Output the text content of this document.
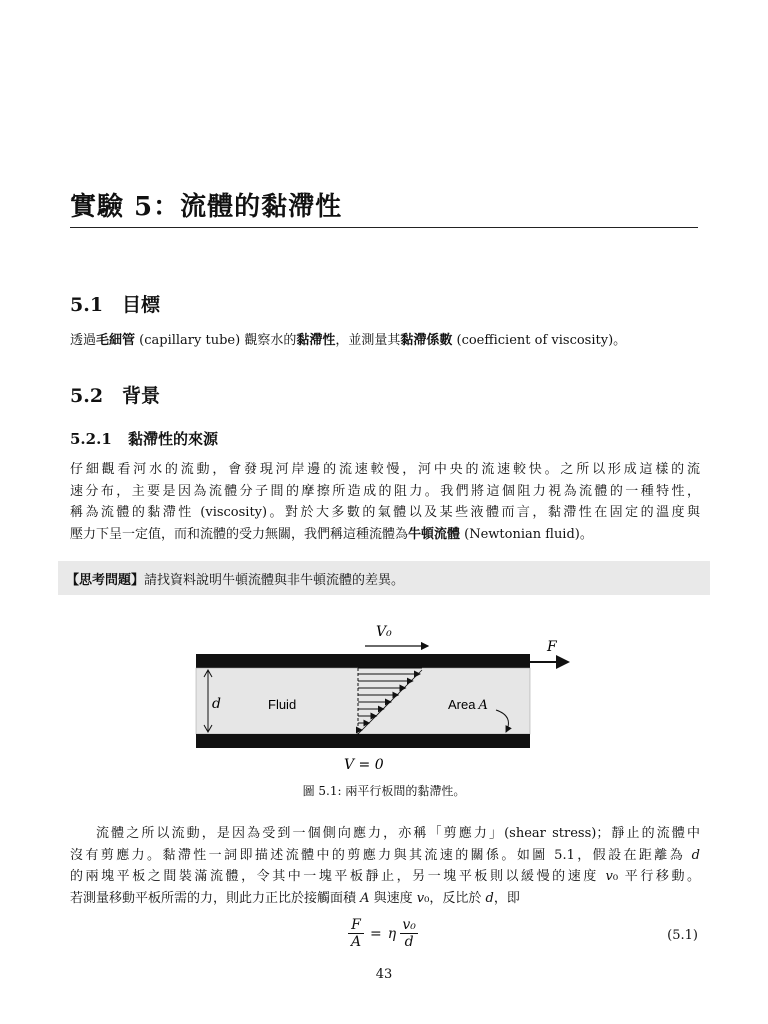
實驗 5：流體的黏滯性
5.1 目標
透過毛細管 (capillary tube) 觀察水的黏滯性，並測量其黏滯係數 (coefficient of viscosity)。
5.2 背景
5.2.1 黏滯性的來源
仔細觀看河水的流動，會發現河岸邊的流速較慢，河中央的流速較快。之所以形成這樣的流
速分布，主要是因為流體分子間的摩擦所造成的阻力。我們將這個阻力視為流體的一種特性，
稱為流體的黏滯性 (viscosity)。對於大多數的氣體以及某些液體而言，黏滯性在固定的溫度與
壓力下呈一定值，而和流體的受力無關，我們稱這種流體為牛頓流體 (Newtonian fluid)。
【思考問題】請找資料說明牛頓流體與非牛頓流體的差異。
V₀
F
d	Fluid	Area A
V = 0
圖 5.1: 兩平行板間的黏滯性。
流體之所以流動，是因為受到一個側向應力，亦稱「剪應力」(shear stress)；靜止的流體中
沒有剪應力。黏滯性一詞即描述流體中的剪應力與其流速的關係。如圖 5.1，假設在距離為 d
的兩塊平板之間裝滿流體，令其中一塊平板靜止，另一塊平板則以緩慢的速度 v₀ 平行移動。
若測量移動平板所需的力，則此力正比於接觸面積 A 與速度 v₀，反比於 d，即
F
A
= η
v₀
d	(5.1)
43
